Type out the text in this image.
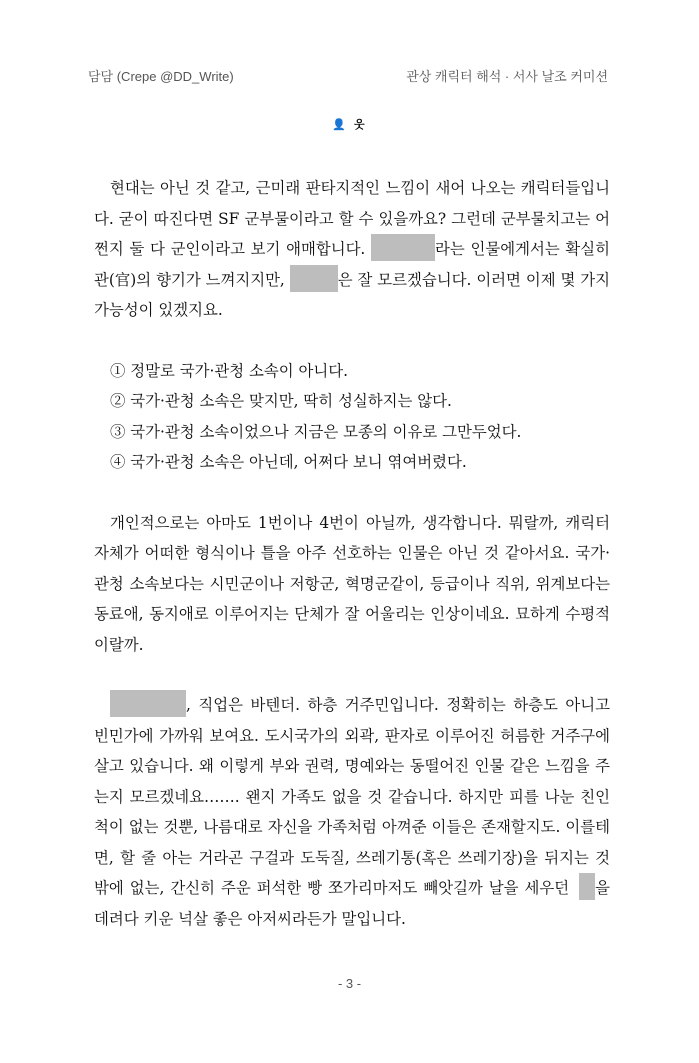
담담 (Crepe @DD_Write)	관상 캐릭터 해석 · 서사 날조 커미션
👤 웃

현대는 아닌 것 같고, 근미래 판타지적인 느낌이 새어 나오는 캐릭터들입니다. 굳이 따진다면 SF 군부물이라고 할 수 있을까요? 그런데 군부물치고는 어쩐지 둘 다 군인이라고 보기 애매합니다.	라는 인물에게서는 확실히 관(官)의 향기가 느껴지지만,	은 잘 모르겠습니다. 이러면 이제 몇 가지 가능성이 있겠지요.

① 정말로 국가·관청 소속이 아니다.
② 국가·관청 소속은 맞지만, 딱히 성실하지는 않다.
③ 국가·관청 소속이었으나 지금은 모종의 이유로 그만두었다.
④ 국가·관청 소속은 아닌데, 어쩌다 보니 엮여버렸다.

개인적으로는 아마도 1번이나 4번이 아닐까, 생각합니다. 뭐랄까, 캐릭터 자체가 어떠한 형식이나 틀을 아주 선호하는 인물은 아닌 것 같아서요. 국가·관청 소속보다는 시민군이나 저항군, 혁명군같이, 등급이나 직위, 위계보다는 동료애, 동지애로 이루어지는 단체가 잘 어울리는 인상이네요. 묘하게 수평적이랄까.

, 직업은 바텐더. 하층 거주민입니다. 정확히는 하층도 아니고 빈민가에 가까워 보여요. 도시국가의 외곽, 판자로 이루어진 허름한 거주구에 살고 있습니다. 왜 이렇게 부와 권력, 명예와는 동떨어진 인물 같은 느낌을 주는지 모르겠네요……. 왠지 가족도 없을 것 같습니다. 하지만 피를 나눈 친인척이 없는 것뿐, 나름대로 자신을 가족처럼 아껴준 이들은 존재할지도. 이를테면, 할 줄 아는 거라곤 구걸과 도둑질, 쓰레기통(혹은 쓰레기장)을 뒤지는 것밖에 없는, 간신히 주운 퍼석한 빵 쪼가리마저도 빼앗길까 날을 세우던 을 데려다 키운 넉살 좋은 아저씨라든가 말입니다.

- 3 -
